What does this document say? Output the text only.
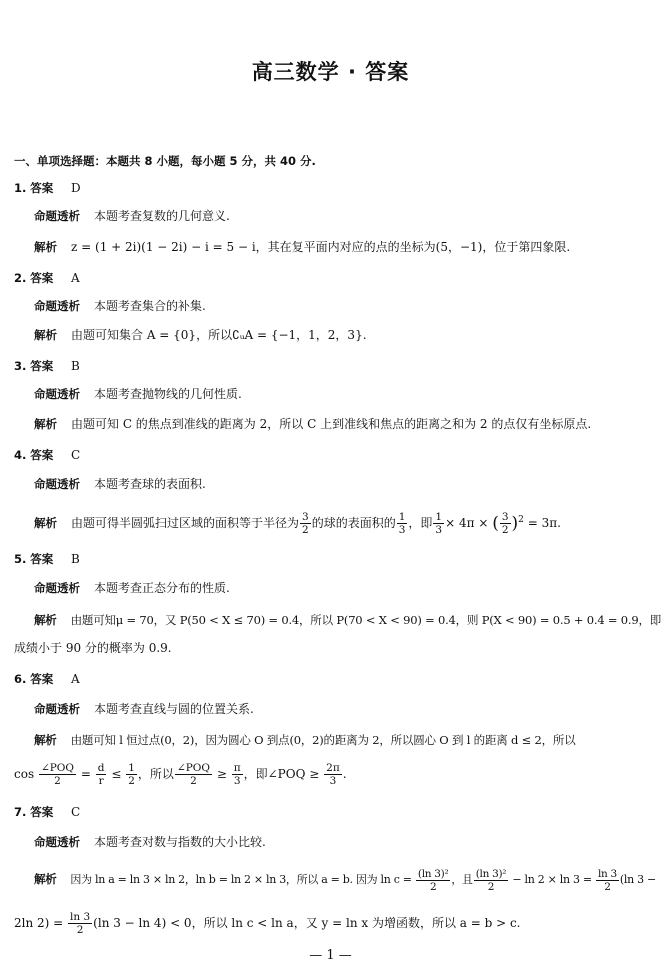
高三数学 · 答案
一、单项选择题：本题共 8 小题，每小题 5 分，共 40 分.
1. 答案 D
命题透析 本题考查复数的几何意义.
解析 z = (1 + 2i)(1 − 2i) − i = 5 − i，其在复平面内对应的点的坐标为(5，−1)，位于第四象限.
2. 答案 A
命题透析 本题考查集合的补集.
解析 由题可知集合 A = {0}，所以∁ᵤA = {−1，1，2，3}.
3. 答案 B
命题透析 本题考查抛物线的几何性质.
解析 由题可知 C 的焦点到准线的距离为 2，所以 C 上到准线和焦点的距离之和为 2 的点仅有坐标原点.
4. 答案 C
命题透析 本题考查球的表面积.
解析 由题可得半圆弧扫过区域的面积等于半径为 $\frac{3}{2}$ 的球的表面积的 $\frac{1}{3}$ ，即 $\frac{1}{3} \times 4\pi$ × ( $\frac{3}{2} )^2 = 3\pi$.
5. 答案 B
命题透析 本题考查正态分布的性质.
解析 由题可知μ = 70，又 P(50 < X ≤ 70) = 0.4，所以 P(70 < X < 90) = 0.4，则 P(X < 90) = 0.5 + 0.4 = 0.9，即
成绩小于 90 分的概率为 0.9.
6. 答案 A
命题透析 本题考查直线与圆的位置关系.
解析 由题可知 l 恒过点(0，2)，因为圆心 O 到点(0，2)的距离为 2，所以圆心 O 到 l 的距离 d ≤ 2，所以
$\cos \frac{\text{∠POQ}}{2} = \frac{d}{r} \le \frac{1}{2}$ ，所以 $\frac{\text{∠POQ}}{2} \ge \frac{\pi}{3}$ ，即∠POQ ≥ $\frac{2\pi}{3}$ .
7. 答案 C
命题透析 本题考查对数与指数的大小比较.
解析 因为 ln a = ln 3 × ln 2，ln b = ln 2 × ln 3，所以 a = b. 因为 $\ln c = \frac{\text{(ln 3)²}}{2}$ ，且 $\frac{\text{(ln 3)²}}{2} - \ln 2 \times \ln 3 = \frac{\ln 3}{2} (\ln$ 3 −
2ln $2) = \frac{\ln 3}{2} (\ln$ 3 − ln 4) < 0，所以 ln c < ln a，又 y = ln x 为增函数，所以 a = b > c.
— 1 —
